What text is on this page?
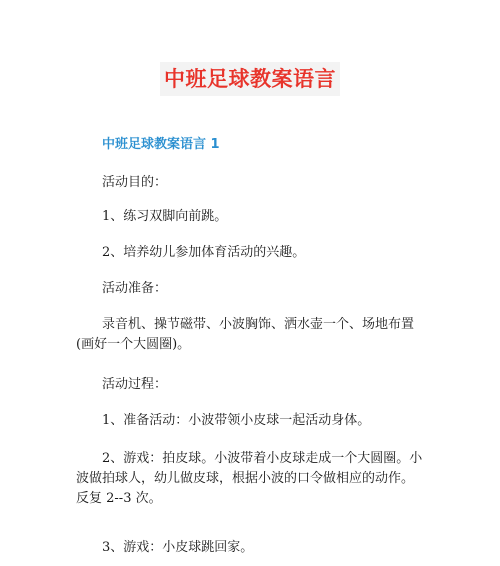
中班足球教案语言
中班足球教案语言 1

活动目的：

1、练习双脚向前跳。

2、培养幼儿参加体育活动的兴趣。

活动准备：

录音机、操节磁带、小波胸饰、洒水壶一个、场地布置(画好一个大圆圈)。

活动过程：

1、准备活动：小波带领小皮球一起活动身体。

2、游戏：拍皮球。小波带着小皮球走成一个大圆圈。小波做拍球人，幼儿做皮球，根据小波的口令做相应的动作。　反复 2--3 次。

3、游戏：小皮球跳回家。
